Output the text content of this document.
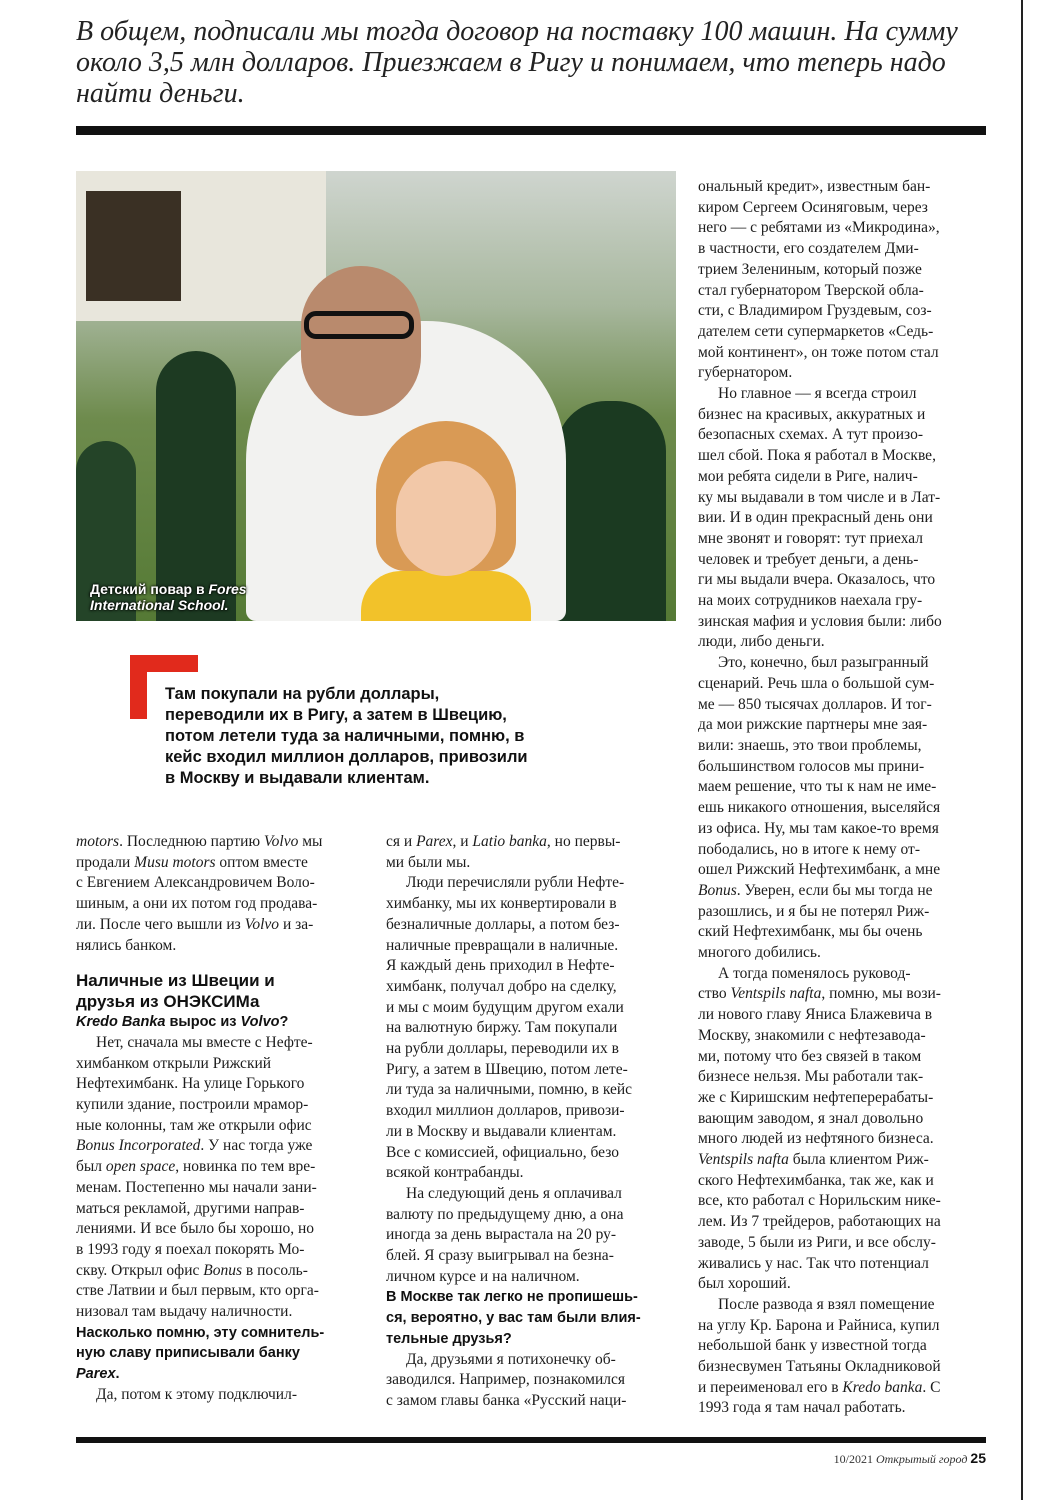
В общем, подписали мы тогда договор на поставку 100 машин. На сумму
около 3,5 млн долларов. Приезжаем в Ригу и понимаем, что теперь надо
найти деньги.
Детский повар в Fores
International School.
Там покупали на рубли доллары,
переводили их в Ригу, а затем в Швецию,
потом летели туда за наличными, помню, в
кейс входил миллион долларов, привозили
в Москву и выдавали клиентам.
motors. Последнюю партию Volvo мы
продали Musu motors оптом вместе
с Евгением Александровичем Воло-
шиным, а они их потом год продава-
ли. После чего вышли из Volvo и за-
нялись банком.
Наличные из Швеции и
друзья из ОНЭКСИМа
Kredo Banka вырос из Volvo?
Нет, сначала мы вместе с Нефте-
химбанком открыли Рижский
Нефтехимбанк. На улице Горького
купили здание, построили мрамор-
ные колонны, там же открыли офис
Bonus Incorporated. У нас тогда уже
был open space, новинка по тем вре-
менам. Постепенно мы начали зани-
маться рекламой, другими направ-
лениями. И все было бы хорошо, но
в 1993 году я поехал покорять Мо-
скву. Открыл офис Bonus в посоль-
стве Латвии и был первым, кто орга-
низовал там выдачу наличности.
Насколько помню, эту сомнитель-
ную славу приписывали банку
Parex.
Да, потом к этому подключил-
ся и Parex, и Latio banka, но первы-
ми были мы.
Люди перечисляли рубли Нефте-
химбанку, мы их конвертировали в
безналичные доллары, а потом без-
наличные превращали в наличные.
Я каждый день приходил в Нефте-
химбанк, получал добро на сделку,
и мы с моим будущим другом ехали
на валютную биржу. Там покупали
на рубли доллары, переводили их в
Ригу, а затем в Швецию, потом лете-
ли туда за наличными, помню, в кейс
входил миллион долларов, привози-
ли в Москву и выдавали клиентам.
Все с комиссией, официально, безо
всякой контрабанды.
На следующий день я оплачивал
валюту по предыдущему дню, а она
иногда за день вырастала на 20 ру-
блей. Я сразу выигрывал на безна-
личном курсе и на наличном.
В Москве так легко не пропишешь-
ся, вероятно, у вас там были влия-
тельные друзья?
Да, друзьями я потихонечку об-
заводился. Например, познакомился
с замом главы банка «Русский наци-
ональный кредит», известным бан-
киром Сергеем Осиняговым, через
него — с ребятами из «Микродина»,
в частности, его создателем Дми-
трием Зелениным, который позже
стал губернатором Тверской обла-
сти, с Владимиром Груздевым, соз-
дателем сети супермаркетов «Седь-
мой континент», он тоже потом стал
губернатором.
Но главное — я всегда строил
бизнес на красивых, аккуратных и
безопасных схемах. А тут произо-
шел сбой. Пока я работал в Москве,
мои ребята сидели в Риге, налич-
ку мы выдавали в том числе и в Лат-
вии. И в один прекрасный день они
мне звонят и говорят: тут приехал
человек и требует деньги, а день-
ги мы выдали вчера. Оказалось, что
на моих сотрудников наехала гру-
зинская мафия и условия были: либо
люди, либо деньги.
Это, конечно, был разыгранный
сценарий. Речь шла о большой сум-
ме — 850 тысячах долларов. И тог-
да мои рижские партнеры мне зая-
вили: знаешь, это твои проблемы,
большинством голосов мы прини-
маем решение, что ты к нам не име-
ешь никакого отношения, выселяйся
из офиса. Ну, мы там какое-то время
пободались, но в итоге к нему от-
ошел Рижский Нефтехимбанк, а мне
Bonus. Уверен, если бы мы тогда не
разошлись, и я бы не потерял Риж-
ский Нефтехимбанк, мы бы очень
многого добились.
А тогда поменялось руковод-
ство Ventspils nafta, помню, мы вози-
ли нового главу Яниса Блажевича в
Москву, знакомили с нефтезавода-
ми, потому что без связей в таком
бизнесе нельзя. Мы работали так-
же с Киришским нефтеперерабаты-
вающим заводом, я знал довольно
много людей из нефтяного бизнеса.
Ventspils nafta была клиентом Риж-
ского Нефтехимбанка, так же, как и
все, кто работал с Норильским нике-
лем. Из 7 трейдеров, работающих на
заводе, 5 были из Риги, и все обслу-
живались у нас. Так что потенциал
был хороший.
После развода я взял помещение
на углу Кр. Барона и Райниса, купил
небольшой банк у известной тогда
бизнесвумен Татьяны Окладниковой
и переименовал его в Kredo banka. С
1993 года я там начал работать.
10/2021 Открытый город 25
